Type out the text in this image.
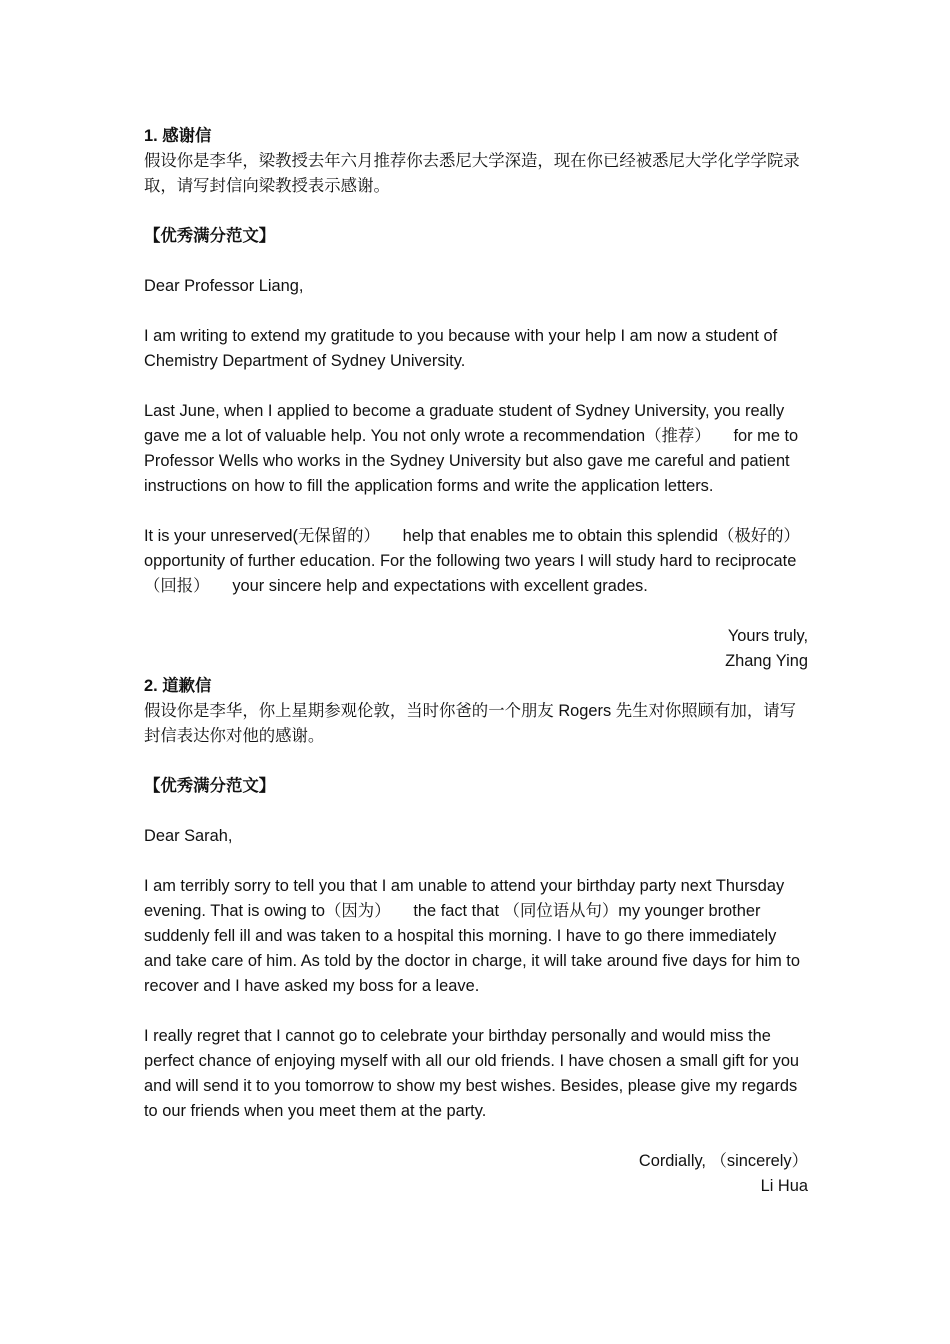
1. 感谢信

假设你是李华，梁教授去年六月推荐你去悉尼大学深造，现在你已经被悉尼大学化学学院录取，请写封信向梁教授表示感谢。

【优秀满分范文】

Dear Professor Liang,

I am writing to extend my gratitude to you because with your help I am now a student of Chemistry Department of Sydney University.

Last June, when I applied to become a graduate student of Sydney University, you really gave me a lot of valuable help. You not only wrote a recommendation（推荐）     for me to Professor Wells who works in the Sydney University but also gave me careful and patient instructions on how to fill the application forms and write the application letters.

It is your unreserved(无保留的）     help that enables me to obtain this splendid（极好的）opportunity of further education. For the following two years I will study hard to reciprocate（回报）     your sincere help and expectations with excellent grades.

Yours truly,

Zhang Ying

2. 道歉信

假设你是李华，你上星期参观伦敦，当时你爸的一个朋友 Rogers 先生对你照顾有加，请写封信表达你对他的感谢。

【优秀满分范文】

Dear Sarah,

I am terribly sorry to tell you that I am unable to attend your birthday party next Thursday evening. That is owing to（因为）     the fact that （同位语从句）my younger brother suddenly fell ill and was taken to a hospital this morning. I have to go there immediately and take care of him. As told by the doctor in charge, it will take around five days for him to recover and I have asked my boss for a leave.

I really regret that I cannot go to celebrate your birthday personally and would miss the perfect chance of enjoying myself with all our old friends. I have chosen a small gift for you and will send it to you tomorrow to show my best wishes. Besides, please give my regards to our friends when you meet them at the party.

Cordially, （sincerely）

Li Hua
